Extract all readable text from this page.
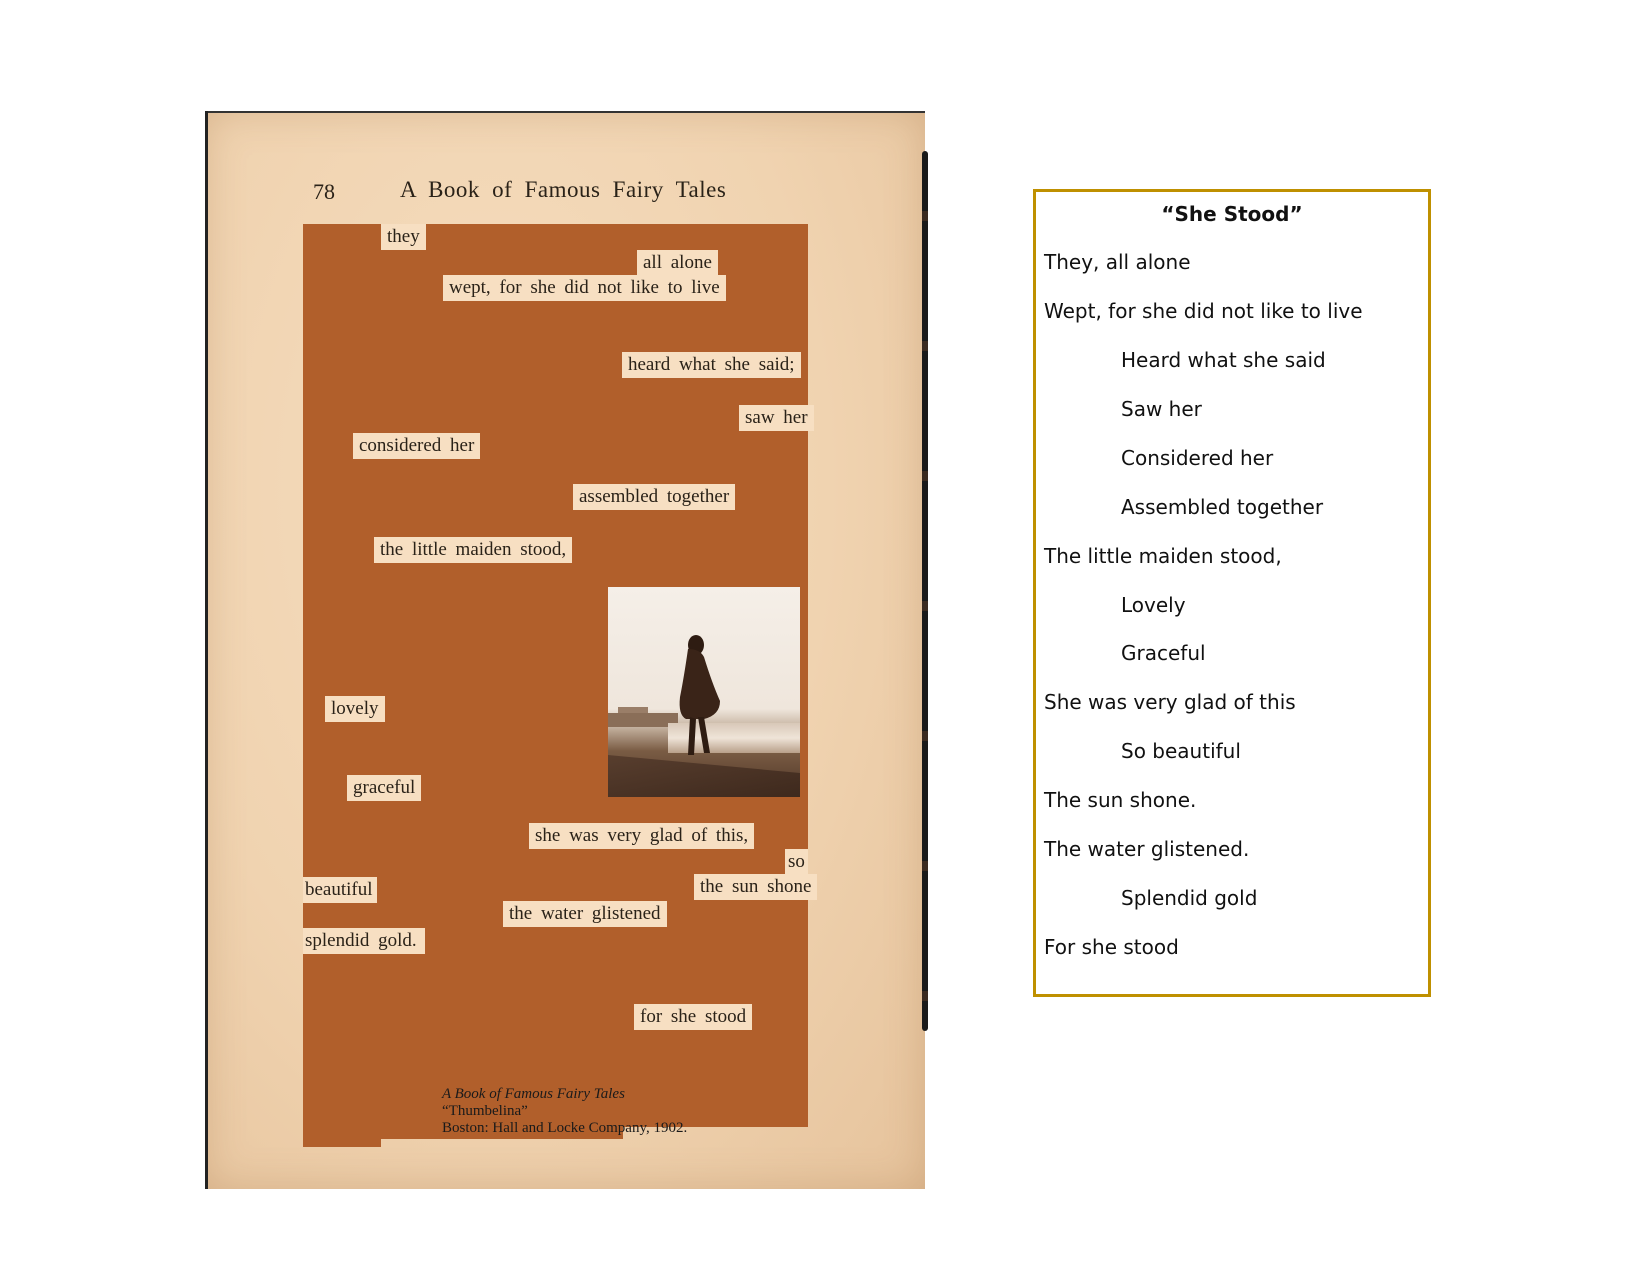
78	A Book of Famous Fairy Tales
they
all alone
wept, for she did not like to live
heard what she said;
saw her
considered her
assembled together
the little maiden stood,
lovely
graceful
she was very glad of this,
so
beautiful	the sun shone
the water glistened
splendid gold.
for she stood
A Book of Famous Fairy Tales
“Thumbelina”
Boston: Hall and Locke Company, 1902.
“She Stood”
They, all alone
Wept, for she did not like to live
Heard what she said
Saw her
Considered her
Assembled together
The little maiden stood,
Lovely
Graceful
She was very glad of this
So beautiful
The sun shone.
The water glistened.
Splendid gold
For she stood
